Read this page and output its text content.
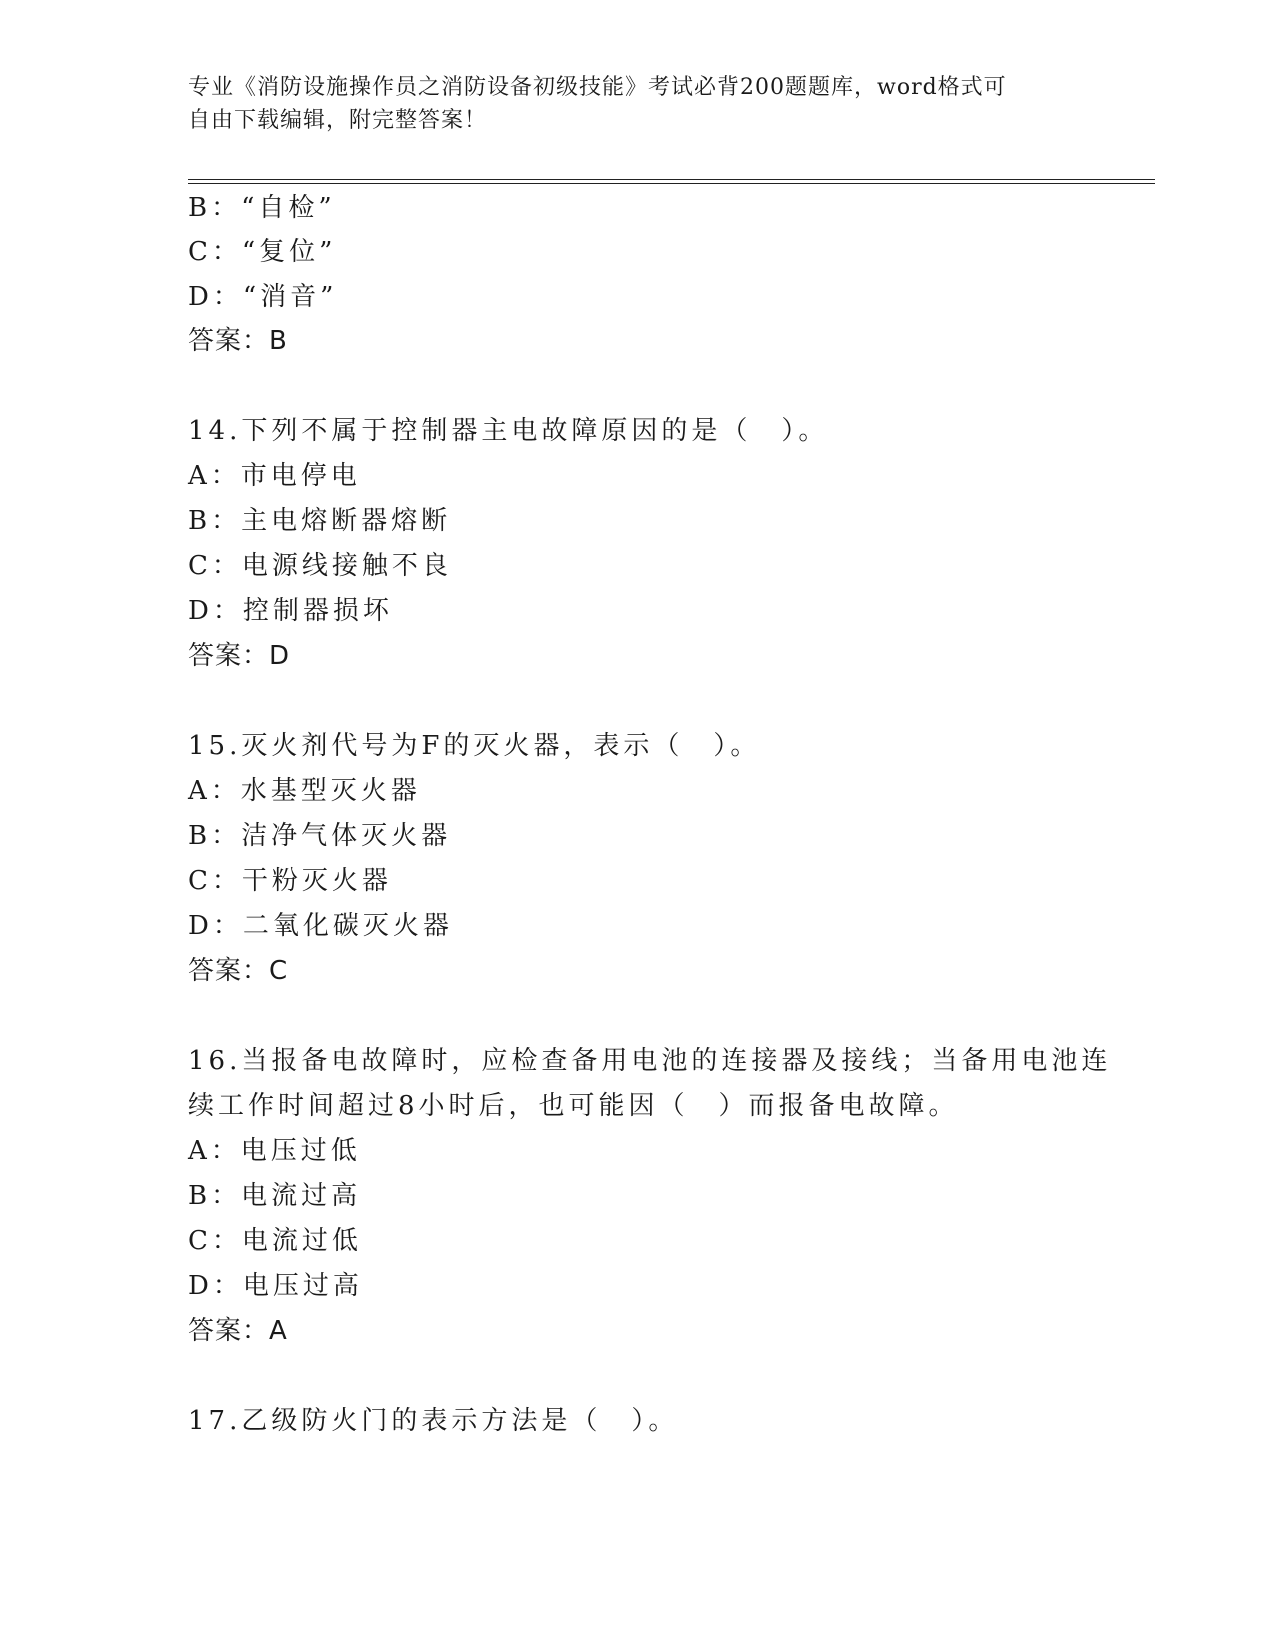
专业《消防设施操作员之消防设备初级技能》考试必背200题题库，word格式可
自由下载编辑，附完整答案！
B：“自检”
C：“复位”
D：“消音”
答案：B
14.下列不属于控制器主电故障原因的是（　）。
A：市电停电
B：主电熔断器熔断
C：电源线接触不良
D：控制器损坏
答案：D
15.灭火剂代号为F的灭火器，表示（　）。
A：水基型灭火器
B：洁净气体灭火器
C：干粉灭火器
D：二氧化碳灭火器
答案：C
16.当报备电故障时，应检查备用电池的连接器及接线；当备用电池连
续工作时间超过8小时后，也可能因（　）而报备电故障。
A：电压过低
B：电流过高
C：电流过低
D：电压过高
答案：A
17.乙级防火门的表示方法是（　）。
